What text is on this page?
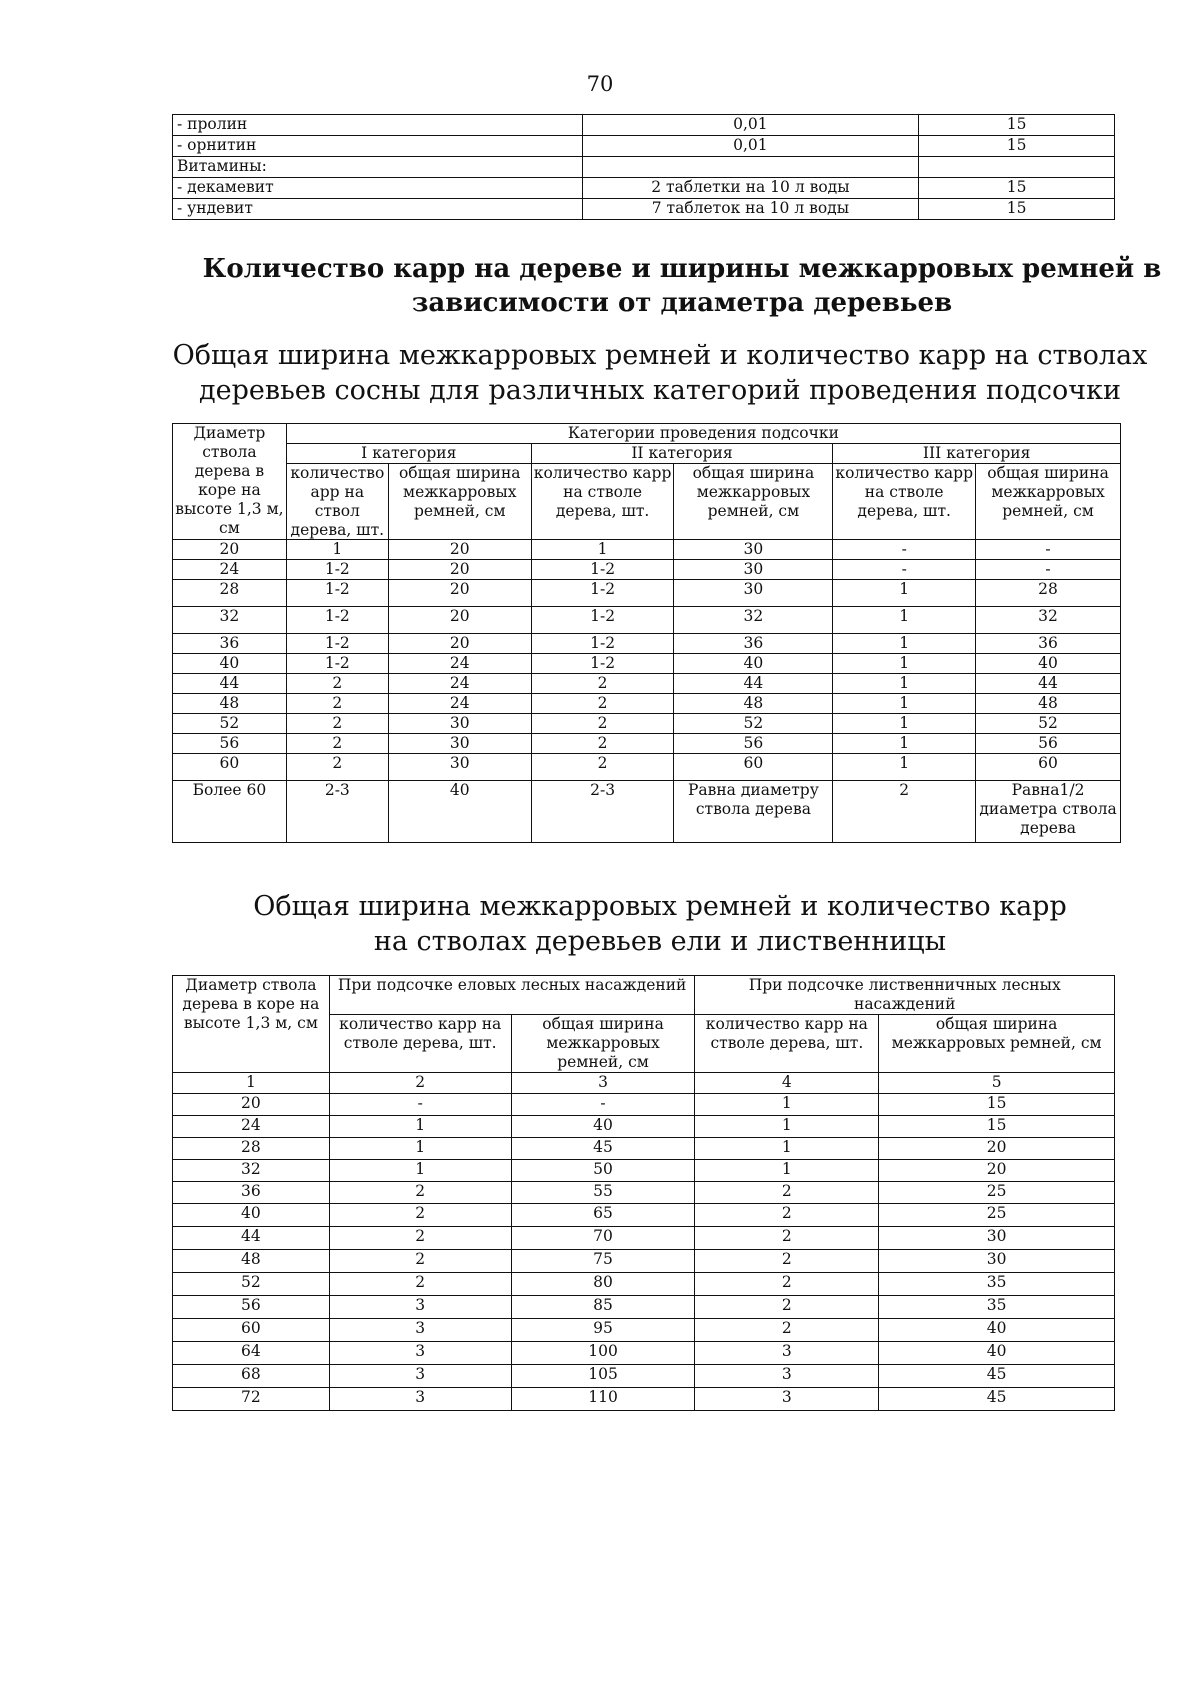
70
- пролин	0,01	15
- орнитин	0,01	15
Витамины:		
- декамевит	2 таблетки на 10 л воды	15
- ундевит	7 таблеток на 10 л воды	15
Количество карр на дереве и ширины межкарровых ремней в зависимости от диаметра деревьев
Общая ширина межкарровых ремней и количество карр на стволах деревьев сосны для различных категорий проведения подсочки
Диаметр ствола дерева в коре на высоте 1,3 м, см	Категории проведения подсочки					
	I категория		II категория		III категория	
	количество арр на ствол дерева, шт.	общая ширина межкарровых ремней, см	количество карр на стволе дерева, шт.	общая ширина межкарровых ремней, см	количество карр на стволе дерева, шт.	общая ширина межкарровых ремней, см
20	1	20	1	30	-	-
24	1-2	20	1-2	30	-	-
28	1-2	20	1-2	30	1	28
32	1-2	20	1-2	32	1	32
36	1-2	20	1-2	36	1	36
40	1-2	24	1-2	40	1	40
44	2	24	2	44	1	44
48	2	24	2	48	1	48
52	2	30	2	52	1	52
56	2	30	2	56	1	56
60	2	30	2	60	1	60
Более 60	2-3	40	2-3	Равна диаметру ствола дерева	2	Равна1/2 диаметра ствола дерева
Общая ширина межкарровых ремней и количество карр
на стволах деревьев ели и лиственницы
Диаметр ствола дерева в коре на высоте 1,3 м, см	При подсочке еловых лесных насаждений		При подсочке лиственничных лесных насаждений	
	количество карр на стволе дерева, шт.	общая ширина межкарровых ремней, см	количество карр на стволе дерева, шт.	общая ширина межкарровых ремней, см
1	2	3	4	5
20	-	-	1	15
24	1	40	1	15
28	1	45	1	20
32	1	50	1	20
36	2	55	2	25
40	2	65	2	25
44	2	70	2	30
48	2	75	2	30
52	2	80	2	35
56	3	85	2	35
60	3	95	2	40
64	3	100	3	40
68	3	105	3	45
72	3	110	3	45
